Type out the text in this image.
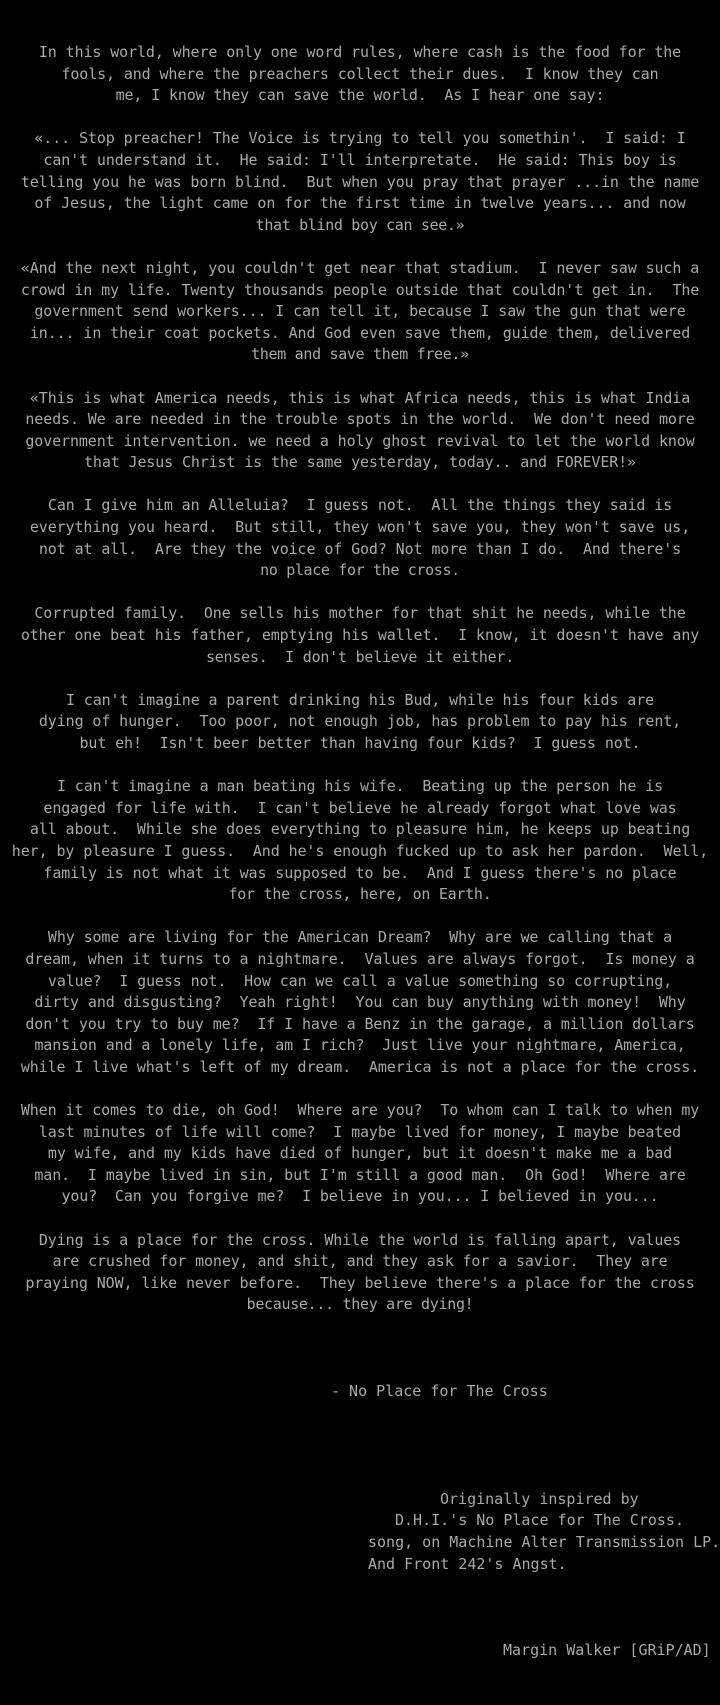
In this world, where only one word rules, where cash is the food for the
fools, and where the preachers collect their dues.  I know they can
me, I know they can save the world.  As I hear one say:
«... Stop preacher! The Voice is trying to tell you somethin'.  I said: I
can't understand it.  He said: I'll interpretate.  He said: This boy is
telling you he was born blind.  But when you pray that prayer ...in the name
of Jesus, the light came on for the first time in twelve years... and now
that blind boy can see.»
«And the next night, you couldn't get near that stadium.  I never saw such a
crowd in my life. Twenty thousands people outside that couldn't get in.  The
government send workers... I can tell it, because I saw the gun that were
in... in their coat pockets. And God even save them, guide them, delivered
them and save them free.»
«This is what America needs, this is what Africa needs, this is what India
needs. We are needed in the trouble spots in the world.  We don't need more
government intervention. we need a holy ghost revival to let the world know
that Jesus Christ is the same yesterday, today.. and FOREVER!»
Can I give him an Alleluia?  I guess not.  All the things they said is
everything you heard.  But still, they won't save you, they won't save us,
not at all.  Are they the voice of God? Not more than I do.  And there's
no place for the cross.
Corrupted family.  One sells his mother for that shit he needs, while the
other one beat his father, emptying his wallet.  I know, it doesn't have any
senses.  I don't believe it either.
I can't imagine a parent drinking his Bud, while his four kids are
dying of hunger.  Too poor, not enough job, has problem to pay his rent,
but eh!  Isn't beer better than having four kids?  I guess not.
I can't imagine a man beating his wife.  Beating up the person he is
engaged for life with.  I can't believe he already forgot what love was
all about.  While she does everything to pleasure him, he keeps up beating
her, by pleasure I guess.  And he's enough fucked up to ask her pardon.  Well,
family is not what it was supposed to be.  And I guess there's no place
for the cross, here, on Earth.
Why some are living for the American Dream?  Why are we calling that a
dream, when it turns to a nightmare.  Values are always forgot.  Is money a
value?  I guess not.  How can we call a value something so corrupting,
dirty and disgusting?  Yeah right!  You can buy anything with money!  Why
don't you try to buy me?  If I have a Benz in the garage, a million dollars
mansion and a lonely life, am I rich?  Just live your nightmare, America,
while I live what's left of my dream.  America is not a place for the cross.
When it comes to die, oh God!  Where are you?  To whom can I talk to when my
last minutes of life will come?  I maybe lived for money, I maybe beated
my wife, and my kids have died of hunger, but it doesn't make me a bad
man.  I maybe lived in sin, but I'm still a good man.  Oh God!  Where are
you?  Can you forgive me?  I believe in you... I believed in you...
Dying is a place for the cross. While the world is falling apart, values
are crushed for money, and shit, and they ask for a savior.  They are
praying NOW, like never before.  They believe there's a place for the cross
because... they are dying!

- No Place for The Cross

Originally inspired by
D.H.I.'s No Place for The Cross.
song, on Machine Alter Transmission LP.
And Front 242's Angst.

Margin Walker [GRiP/AD]
